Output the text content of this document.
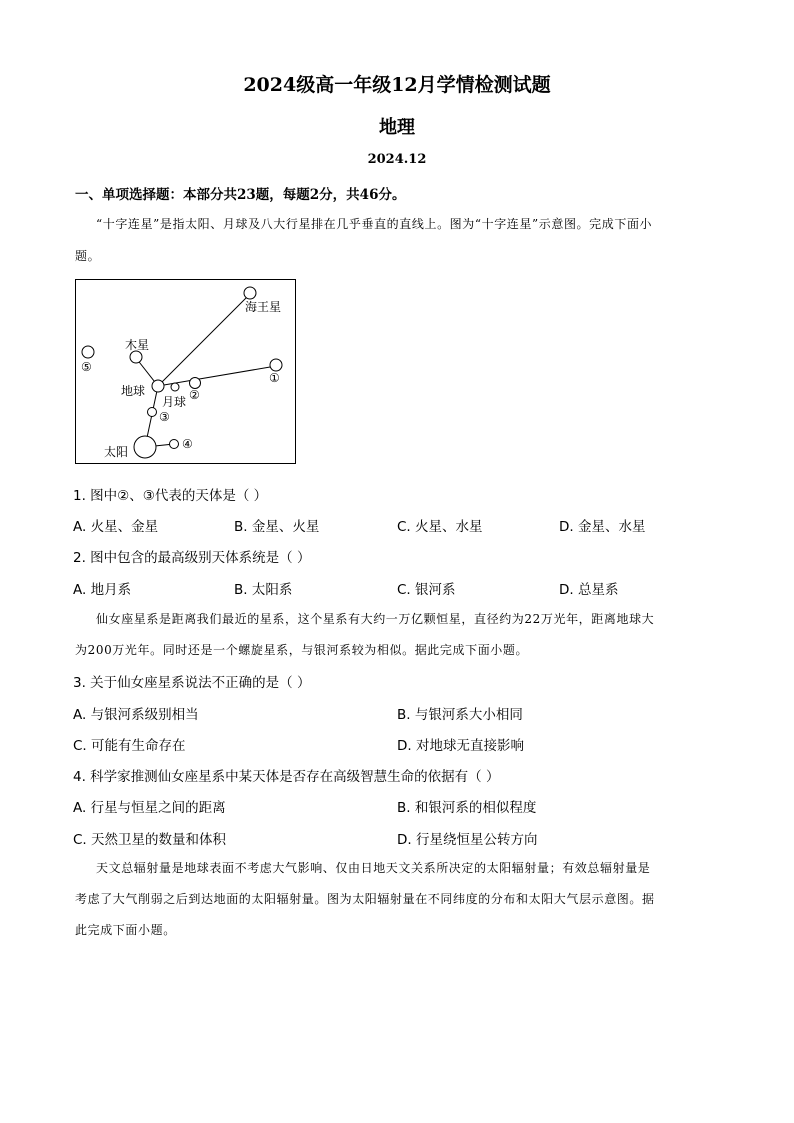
2024级高一年级12月学情检测试题
地理
2024.12
一、单项选择题：本部分共23题，每题2分，共46分。
“十字连星”是指太阳、月球及八大行星排在几乎垂直的直线上。图为“十字连星”示意图。完成下面小
题。
海王星
木星
⑤
①
地球	②
月球
③
太阳
④
1. 图中②、③代表的天体是（ ）
A. 火星、金星	B. 金星、火星	C. 火星、水星	D. 金星、水星
2. 图中包含的最高级别天体系统是（ ）
A. 地月系	B. 太阳系	C. 银河系	D. 总星系
仙女座星系是距离我们最近的星系，这个星系有大约一万亿颗恒星，直径约为22万光年，距离地球大
为200万光年。同时还是一个螺旋星系，与银河系较为相似。据此完成下面小题。
3. 关于仙女座星系说法不正确的是（ ）
A. 与银河系级别相当	B. 与银河系大小相同
C. 可能有生命存在	D. 对地球无直接影响
4. 科学家推测仙女座星系中某天体是否存在高级智慧生命的依据有（ ）
A. 行星与恒星之间的距离	B. 和银河系的相似程度
C. 天然卫星的数量和体积	D. 行星绕恒星公转方向
天文总辐射量是地球表面不考虑大气影响、仅由日地天文关系所决定的太阳辐射量；有效总辐射量是
考虑了大气削弱之后到达地面的太阳辐射量。图为太阳辐射量在不同纬度的分布和太阳大气层示意图。据
此完成下面小题。
